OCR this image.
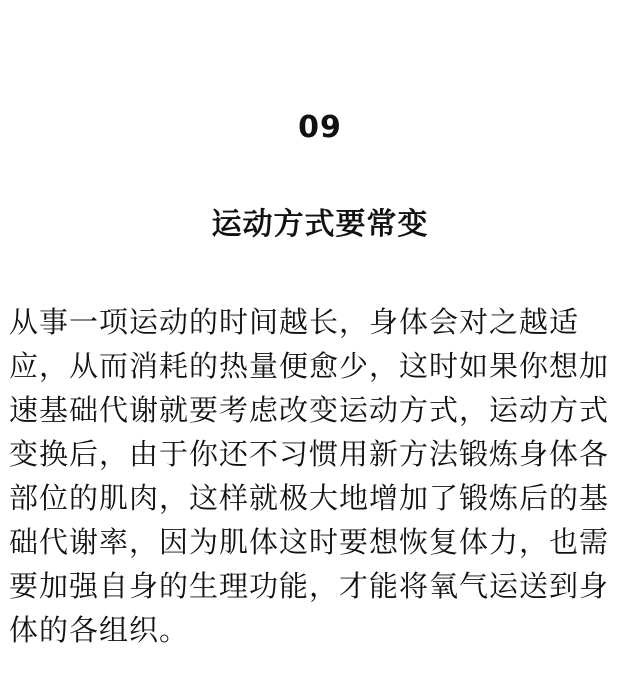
09
运动方式要常变
从事一项运动的时间越长，身体会对之越适
应，从而消耗的热量便愈少，这时如果你想加
速基础代谢就要考虑改变运动方式，运动方式
变换后，由于你还不习惯用新方法锻炼身体各
部位的肌肉，这样就极大地增加了锻炼后的基
础代谢率，因为肌体这时要想恢复体力，也需
要加强自身的生理功能，才能将氧气运送到身
体的各组织。
